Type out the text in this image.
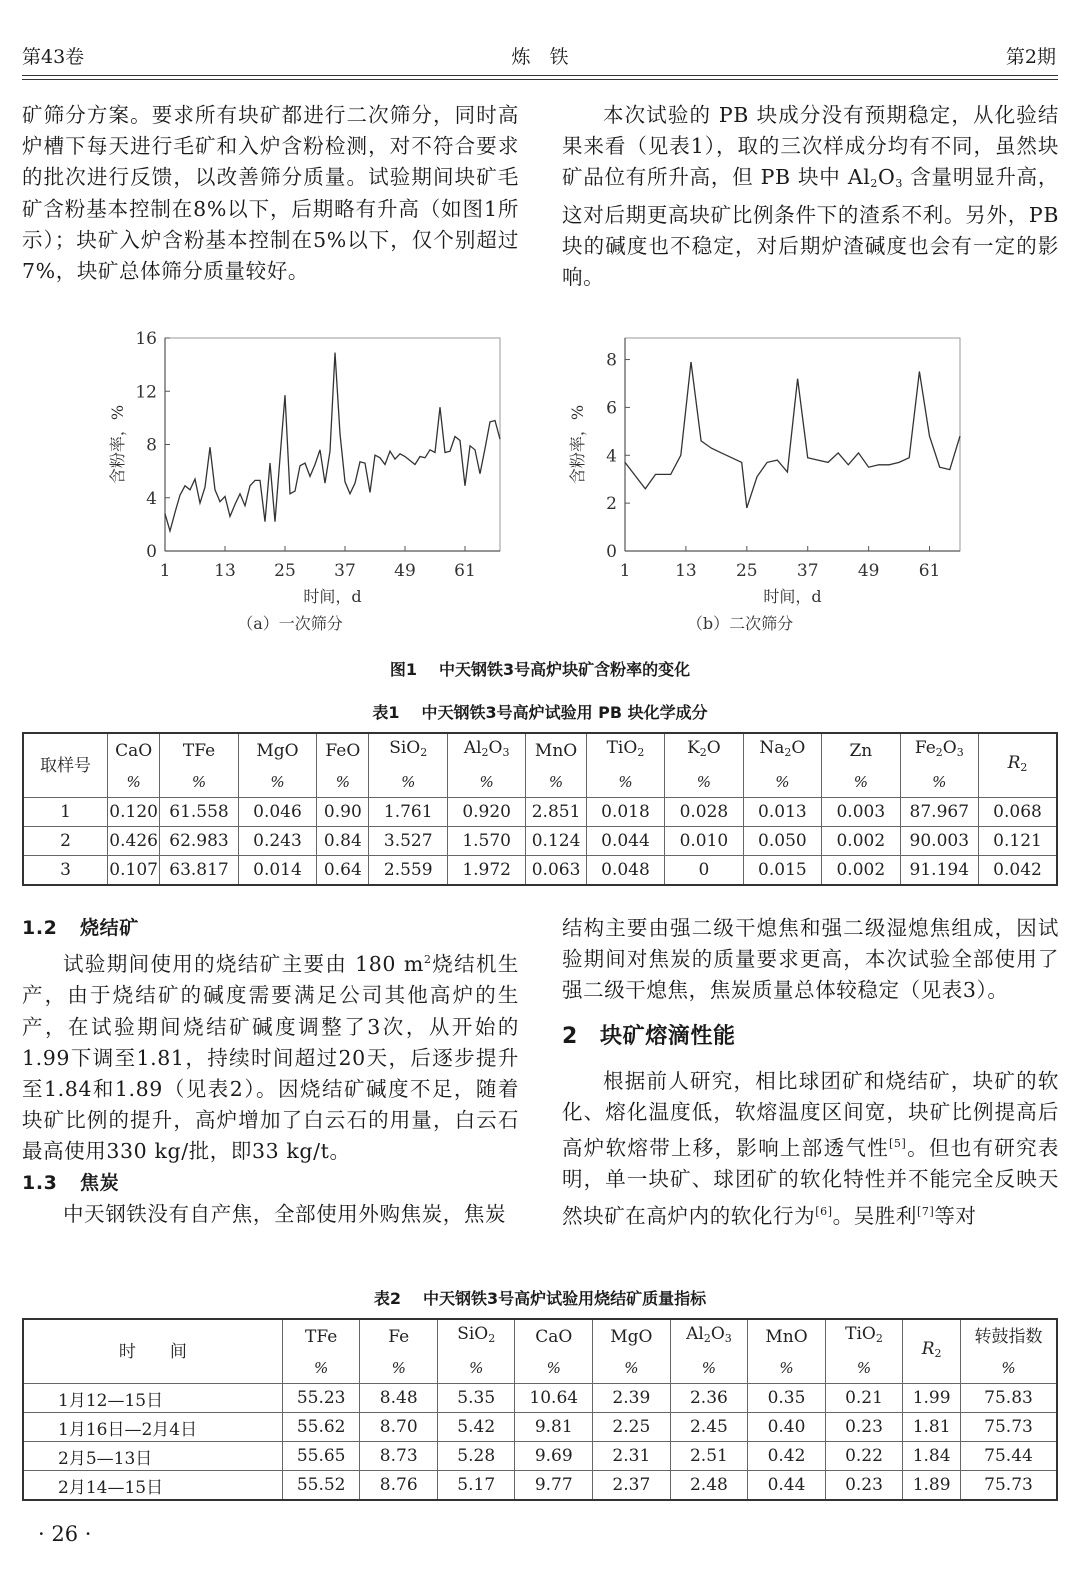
第43卷	炼　铁	第2期

矿筛分方案。要求所有块矿都进行二次筛分，同时高炉槽下每天进行毛矿和入炉含粉检测，对不符合要求的批次进行反馈，以改善筛分质量。试验期间块矿毛矿含粉基本控制在8%以下，后期略有升高（如图1所示）；块矿入炉含粉基本控制在5%以下，仅个别超过7%，块矿总体筛分质量较好。

本次试验的 PB 块成分没有预期稳定，从化验结果来看（见表1），取的三次样成分均有不同，虽然块矿品位有所升高，但 PB 块中 $Al_2O_3$ 含量明显升高，这对后期更高块矿比例条件下的渣系不利。另外，PB 块的碱度也不稳定，对后期炉渣碱度也会有一定的影响。

0
4
8
12
16
1	13 25 37 49 61
时间，d
含粉率，%
0
2
4
6
8
1	13 25 37 49 61
时间，d
含粉率，%
（a）一次筛分	（b）二次筛分
图1 中天钢铁3号高炉块矿含粉率的变化
表1 中天钢铁3号高炉试验用 PB 块化学成分
取样号	CaO	TFe	MgO	FeO	SiO$_2$	$Al_2O_3$	MnO	TiO$_2$	$K_2O$	$Na_2O$	Zn	$Fe_2O_3$	$R_2$
	%	%	%	%	%	%	%	%	%	%	%	%	
1	0.120	61.558	0.046	0.90	1.761	0.920	2.851	0.018	0.028	0.013	0.003	87.967	0.068
2	0.426	62.983	0.243	0.84	3.527	1.570	0.124	0.044	0.010	0.050	0.002	90.003	0.121
3	0.107	63.817	0.014	0.64	2.559	1.972	0.063	0.048	0	0.015	0.002	91.194	0.042
1.2 烧结矿

试验期间使用的烧结矿主要由 180 $m^2$烧结机生产，由于烧结矿的碱度需要满足公司其他高炉的生产，在试验期间烧结矿碱度调整了3次，从开始的1.99下调至1.81，持续时间超过20天，后逐步提升至1.84和1.89（见表2）。因烧结矿碱度不足，随着块矿比例的提升，高炉增加了白云石的用量，白云石最高使用330 kg/批，即33 kg/t。

1.3 焦炭

中天钢铁没有自产焦，全部使用外购焦炭，焦炭

结构主要由强二级干熄焦和强二级湿熄焦组成，因试验期间对焦炭的质量要求更高，本次试验全部使用了强二级干熄焦，焦炭质量总体较稳定（见表3）。

2 块矿熔滴性能

根据前人研究，相比球团矿和烧结矿，块矿的软化、熔化温度低，软熔温度区间宽，块矿比例提高后高炉软熔带上移，影响上部透气性[5]。但也有研究表明，单一块矿、球团矿的软化特性并不能完全反映天然块矿在高炉内的软化行为[6]。吴胜利[7]等对

表2 中天钢铁3号高炉试验用烧结矿质量指标
时　　间	TFe	Fe	SiO$_2$	CaO	MgO	$Al_2O_3$	MnO	TiO$_2$	$R_2$	转鼓指数
	%	%	%	%	%	%	%	%		%
1月12—15日	55.23	8.48	5.35	10.64	2.39	2.36	0.35	0.21	1.99	75.83
1月16日—2月4日	55.62	8.70	5.42	9.81	2.25	2.45	0.40	0.23	1.81	75.73
2月5—13日	55.65	8.73	5.28	9.69	2.31	2.51	0.42	0.22	1.84	75.44
2月14—15日	55.52	8.76	5.17	9.77	2.37	2.48	0.44	0.23	1.89	75.73
· 26 ·
